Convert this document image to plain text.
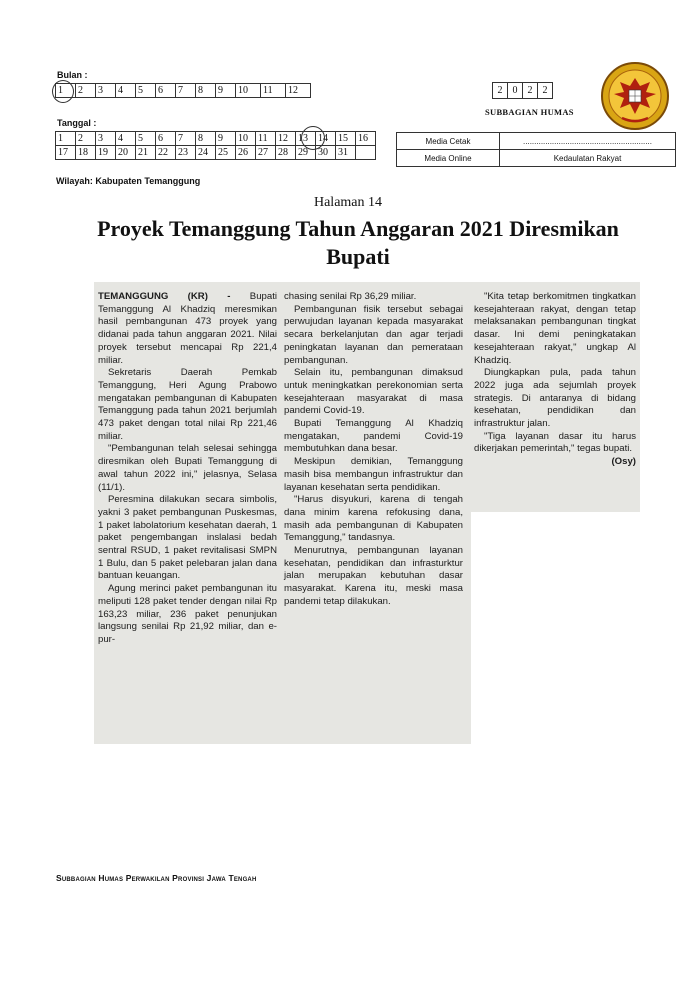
Bulan :
1	2	3	4	5	6	7	8	9	10	11	12
Tanggal :
1	2	3	4	5	6	7	8	9	10	11	12	13	14	15	16
17	18	19	20	21	22	23	24	25	26	27	28	29	30	31	
2	0	2	2
SUBBAGIAN HUMAS
Media Cetak	..........................................................
Media Online	Kedaulatan Rakyat
Wilayah: Kabupaten Temanggung
Halaman 14
Proyek Temanggung Tahun Anggaran 2021 Diresmikan
Bupati

TEMANGGUNG (KR) - Bupati Temanggung Al Khadziq meresmikan hasil pembangunan 473 proyek yang didanai pada tahun anggaran 2021. Nilai proyek tersebut mencapai Rp 221,4 miliar.

Sekretaris Daerah Pemkab Temanggung, Heri Agung Prabowo mengatakan pembangunan di Kabupaten Temanggung pada tahun 2021 berjumlah 473 paket dengan total nilai Rp 221,46 miliar.

"Pembangunan telah selesai sehingga diresmikan oleh Bupati Temanggung di awal tahun 2022 ini," jelasnya, Selasa (11/1).

Peresmina dilakukan secara simbolis, yakni 3 paket pembangunan Puskesmas, 1 paket labolatorium kesehatan daerah, 1 paket pengembangan inslalasi bedah sentral RSUD, 1 paket revitalisasi SMPN 1 Bulu, dan 5 paket pelebaran jalan dana bantuan keuangan.

Agung merinci paket pembangunan itu meliputi 128 paket tender dengan nilai Rp 163,23 miliar, 236 paket penunjukan langsung senilai Rp 21,92 miliar, dan e-pur-

chasing senilai Rp 36,29 miliar.

Pembangunan fisik tersebut sebagai perwujudan layanan kepada masyarakat secara berkelanjutan dan agar terjadi peningkatan layanan dan pemerataan pembangunan.

Selain itu, pembangunan dimaksud untuk meningkatkan perekonomian serta kesejahteraan masyarakat di masa pandemi Covid-19.

Bupati Temanggung Al Khadziq mengatakan, pandemi Covid-19 membutuhkan dana besar.

Meskipun demikian, Temanggung masih bisa membangun infrastruktur dan layanan kesehatan serta pendidikan.

"Harus disyukuri, karena di tengah dana minim karena refokusing dana, masih ada pembangunan di Kabupaten Temanggung," tandasnya.

Menurutnya, pembangunan layanan kesehatan, pendidikan dan infrasturktur jalan merupakan kebutuhan dasar masyarakat. Karena itu, meski masa pandemi tetap dilakukan.

"Kita tetap berkomitmen tingkatkan kesejahteraan rakyat, dengan tetap melaksanakan pembangunan tingkat dasar. Ini demi peningkatakan kesejahteraan rakyat," ungkap Al Khadziq.

Diungkapkan pula, pada tahun 2022 juga ada sejumlah proyek strategis. Di antaranya di bidang kesehatan, pendidikan dan infrastruktur jalan.

"Tiga layanan dasar itu harus dikerjakan pemerintah," tegas bupati.

(Osy)
Subbagian Humas Perwakilan Provinsi Jawa Tengah
